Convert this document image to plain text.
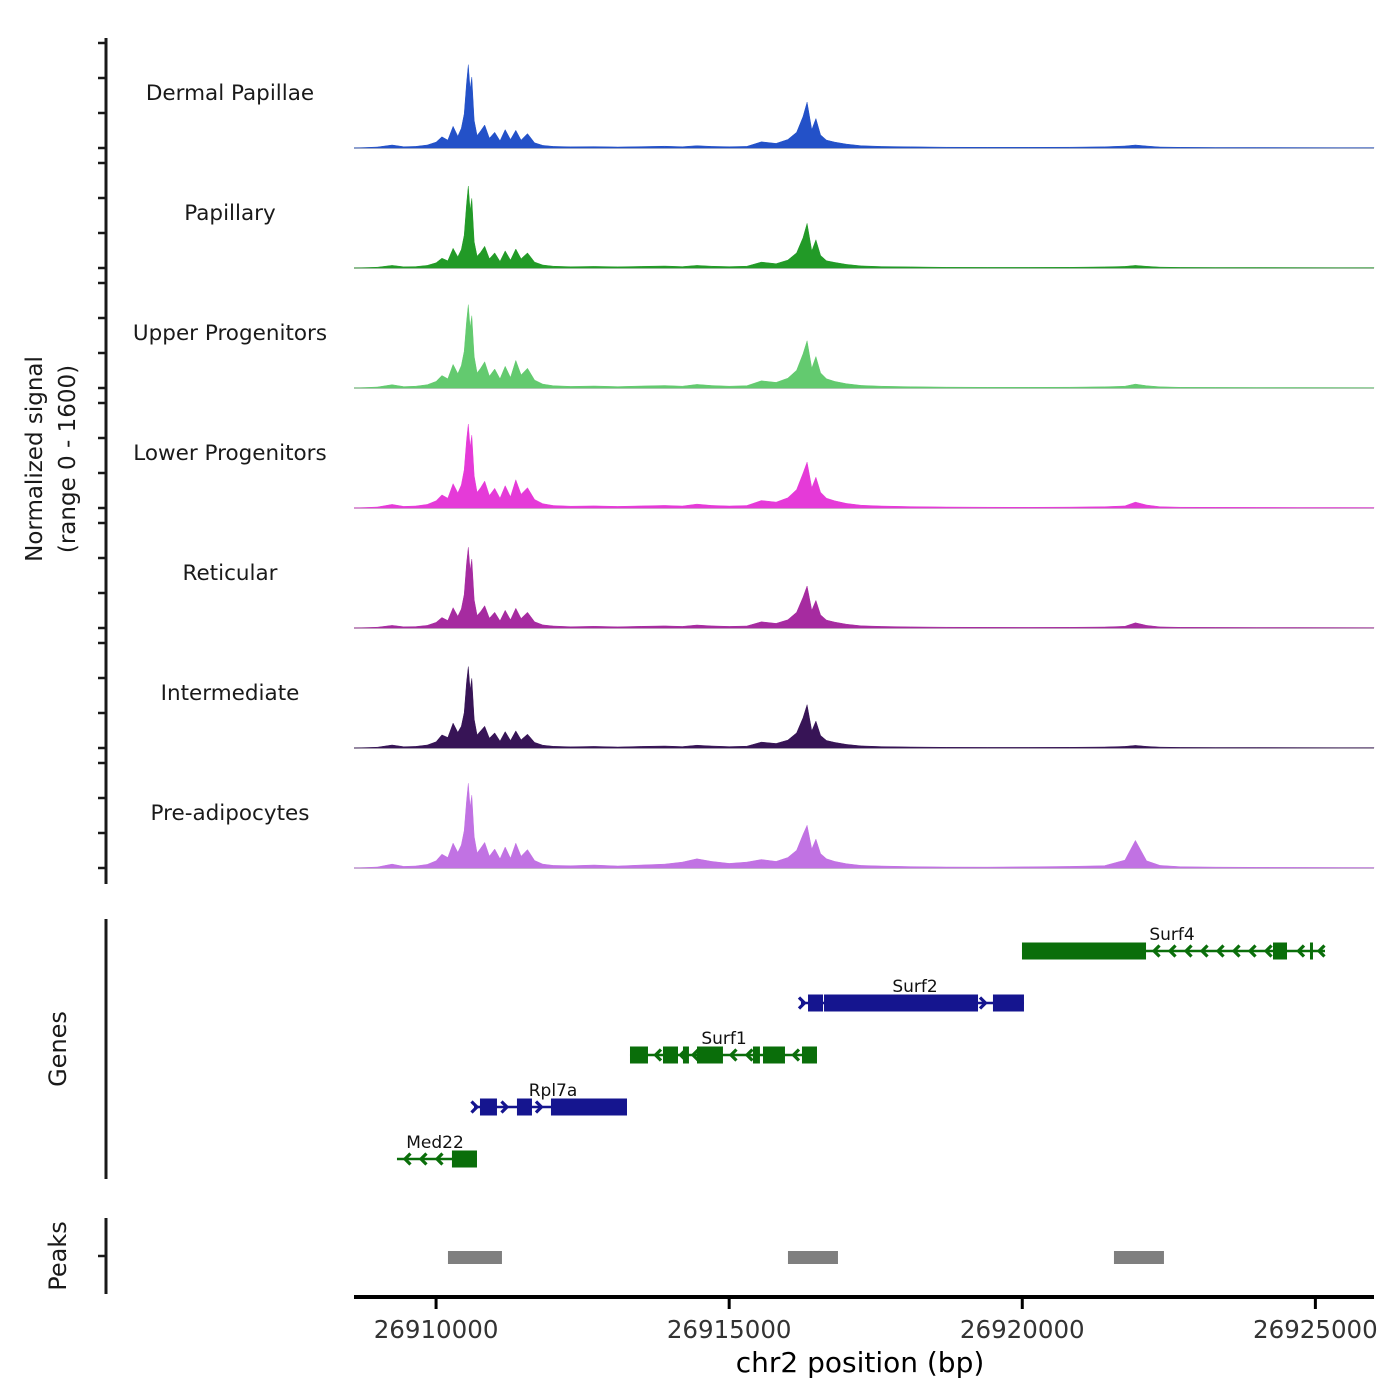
Normalized signal (range 0 - 1600)
Genes
Peaks
chr2 position (bp)
Dermal Papillae
Papillary
Upper Progenitors
Lower Progenitors
Reticular
Intermediate
Pre-adipocytes
Surf4
Surf2
Surf1
Rpl7a
Med22
26910000	26915000	26920000	26925000
